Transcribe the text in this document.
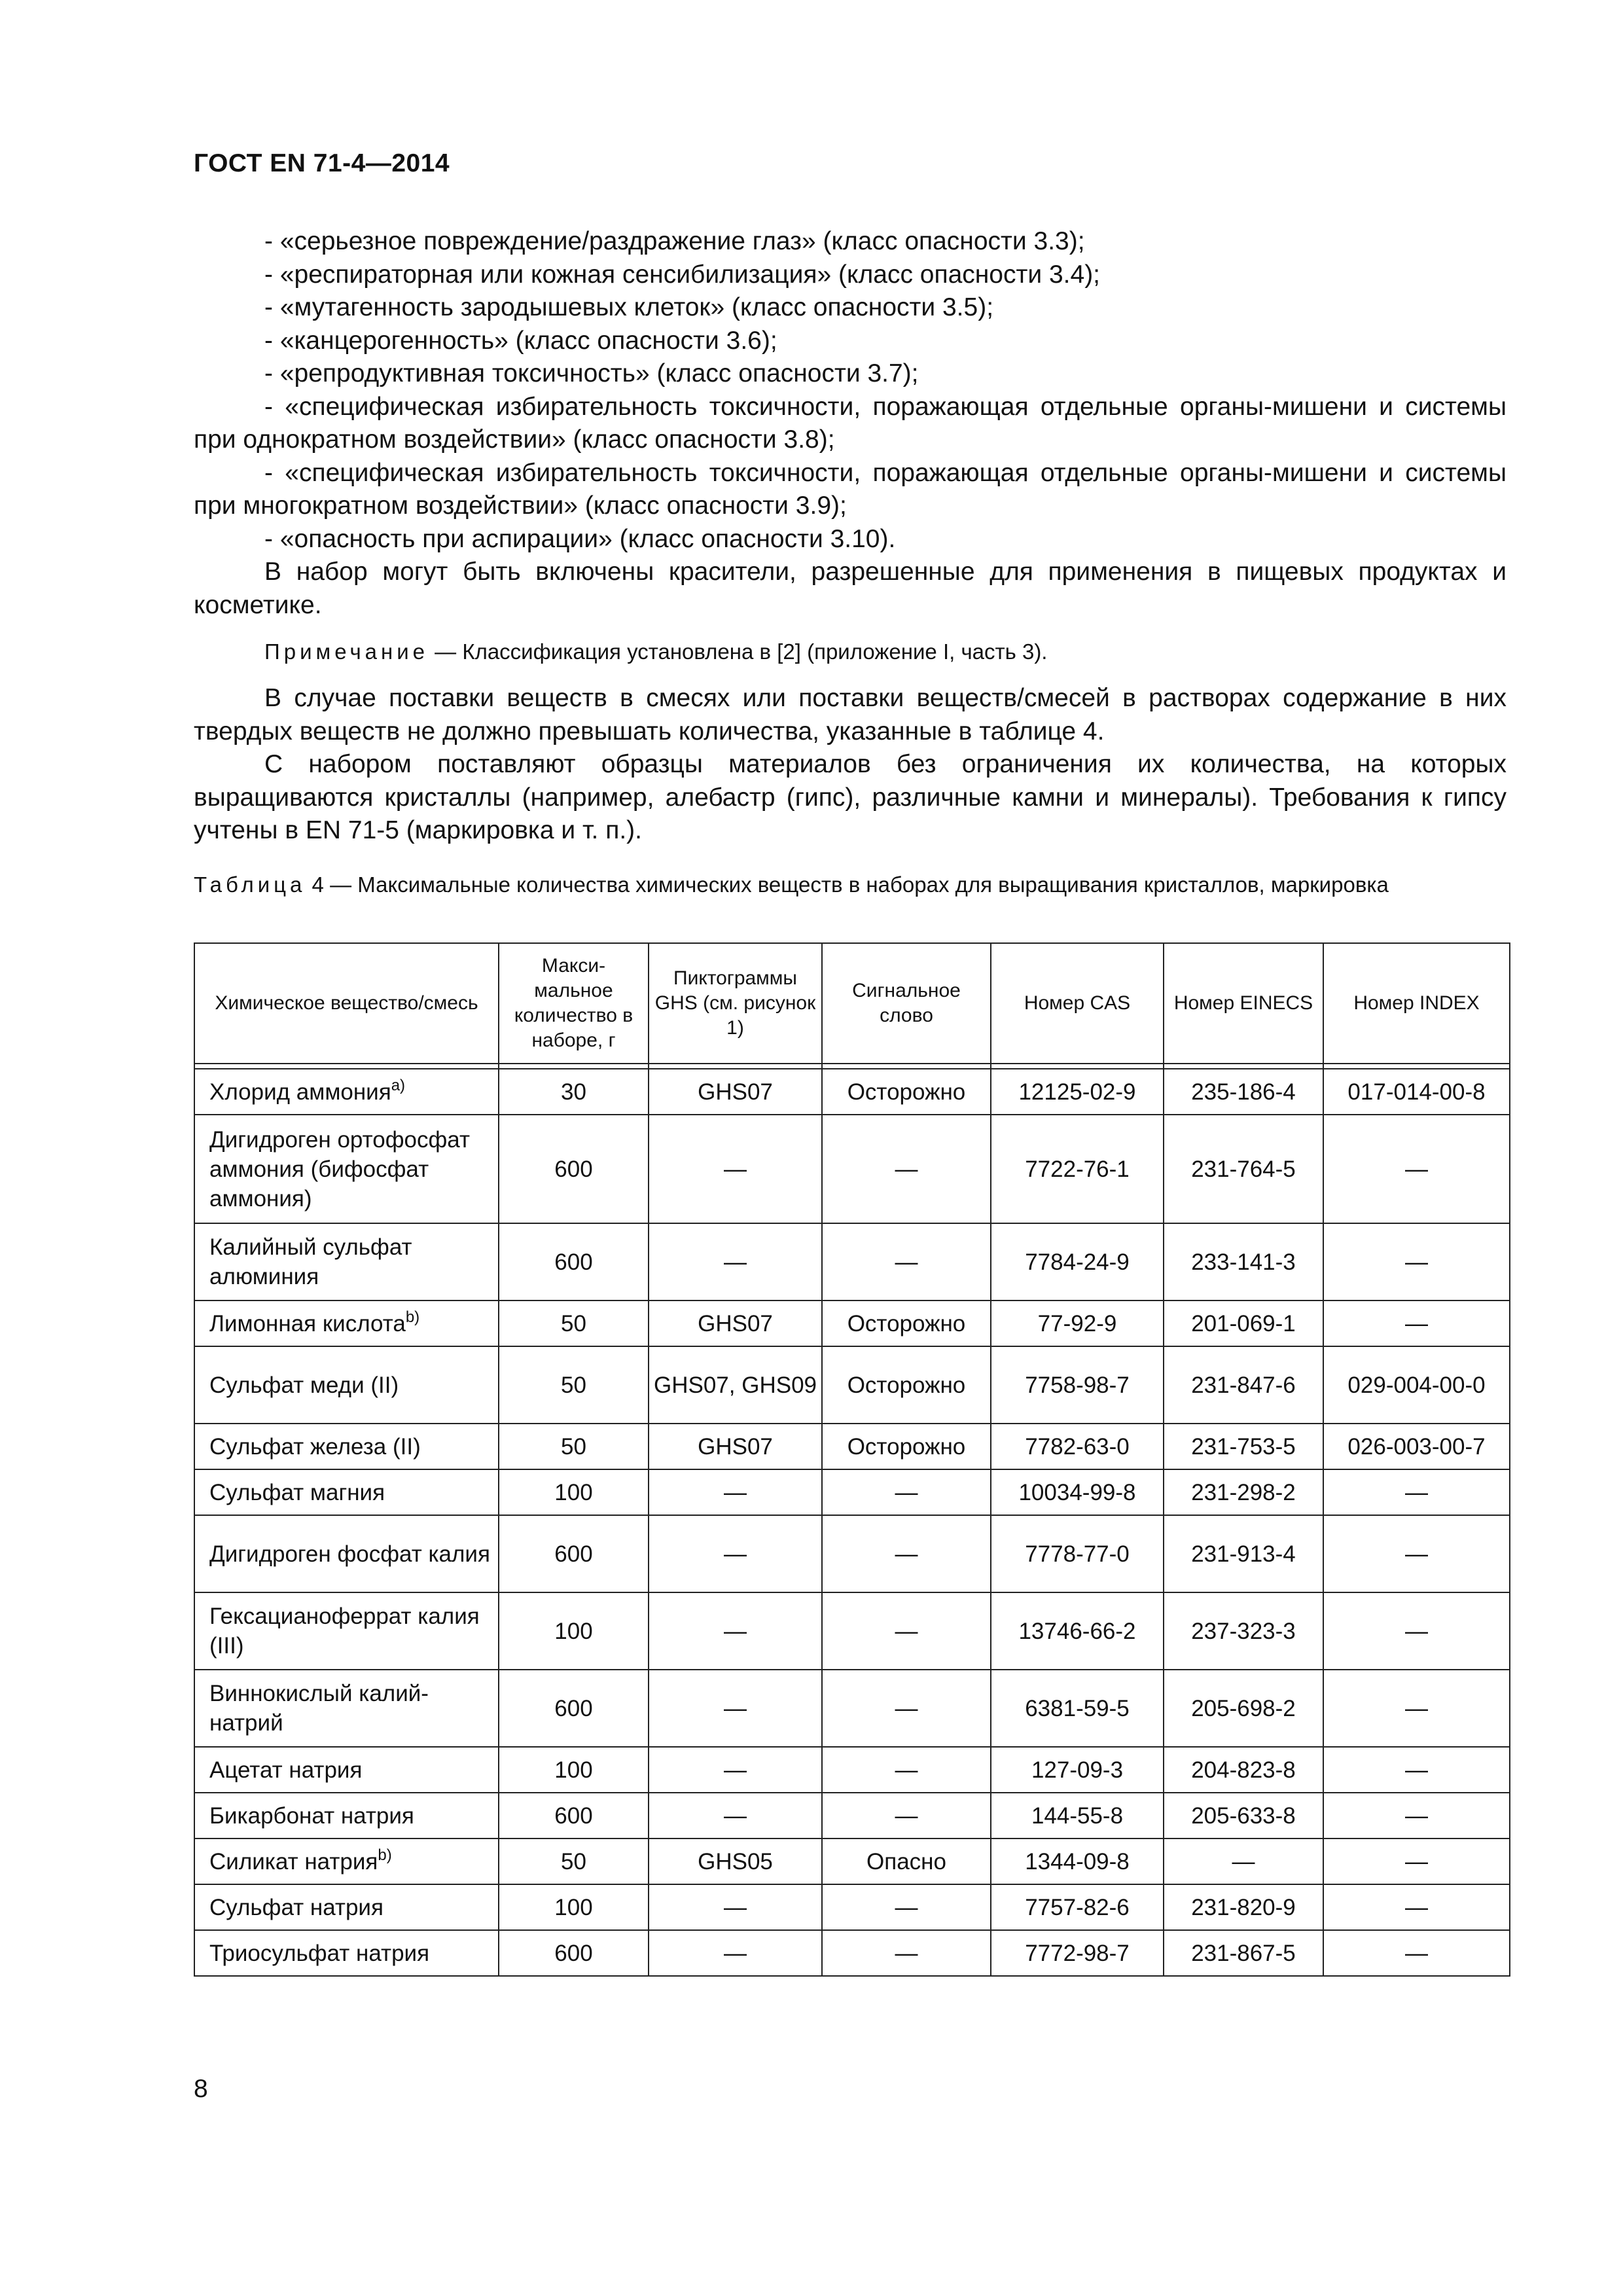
ГОСТ EN 71-4—2014

- «серьезное повреждение/раздражение глаз» (класс опасности 3.3);

- «респираторная или кожная сенсибилизация» (класс опасности 3.4);

- «мутагенность зародышевых клеток» (класс опасности 3.5);

- «канцерогенность» (класс опасности 3.6);

- «репродуктивная токсичность» (класс опасности 3.7);

- «специфическая избирательность токсичности, поражающая отдельные органы-мишени и системы при однократном воздействии» (класс опасности 3.8);

- «специфическая избирательность токсичности, поражающая отдельные органы-мишени и системы при многократном воздействии» (класс опасности 3.9);

- «опасность при аспирации» (класс опасности 3.10).

В набор могут быть включены красители, разрешенные для применения в пищевых продуктах и косметике.

Примечание — Классификация установлена в [2] (приложение I, часть 3).

В случае поставки веществ в смесях или поставки веществ/смесей в растворах содержание в них твердых веществ не должно превышать количества, указанные в таблице 4.

С набором поставляют образцы материалов без ограничения их количества, на которых выращиваются кристаллы (например, алебастр (гипс), различные камни и минералы). Требования к гипсу учтены в EN 71-5 (маркировка и т. п.).

Таблица 4 — Максимальные количества химических веществ в наборах для выращивания кристаллов, маркировка
Химическое вещество/смесь	Макси-мальное количество в наборе, г	Пиктограммы GHS (см. рисунок 1)	Сигнальное слово	Номер CAS	Номер EINECS	Номер INDEX

Хлорид аммония$^{a)}$	30	GHS07	Осторожно	12125-02-9	235-186-4	017-014-00-8
Дигидроген ортофосфат аммония (бифосфат аммония)	600	—	—	7722-76-1	231-764-5	—
Калийный сульфат алюминия	600	—	—	7784-24-9	233-141-3	—
Лимонная кислота$^{b)}$	50	GHS07	Осторожно	77-92-9	201-069-1	—
Сульфат меди (II)	50	GHS07, GHS09	Осторожно	7758-98-7	231-847-6	029-004-00-0
Сульфат железа (II)	50	GHS07	Осторожно	7782-63-0	231-753-5	026-003-00-7
Сульфат магния	100	—	—	10034-99-8	231-298-2	—
Дигидроген фосфат калия	600	—	—	7778-77-0	231-913-4	—
Гексацианоферрат калия (III)	100	—	—	13746-66-2	237-323-3	—
Виннокислый калий-натрий	600	—	—	6381-59-5	205-698-2	—
Ацетат натрия	100	—	—	127-09-3	204-823-8	—
Бикарбонат натрия	600	—	—	144-55-8	205-633-8	—
Силикат натрия$^{b)}$	50	GHS05	Опасно	1344-09-8	—	—
Сульфат натрия	100	—	—	7757-82-6	231-820-9	—
Триосульфат натрия	600	—	—	7772-98-7	231-867-5	—
8
